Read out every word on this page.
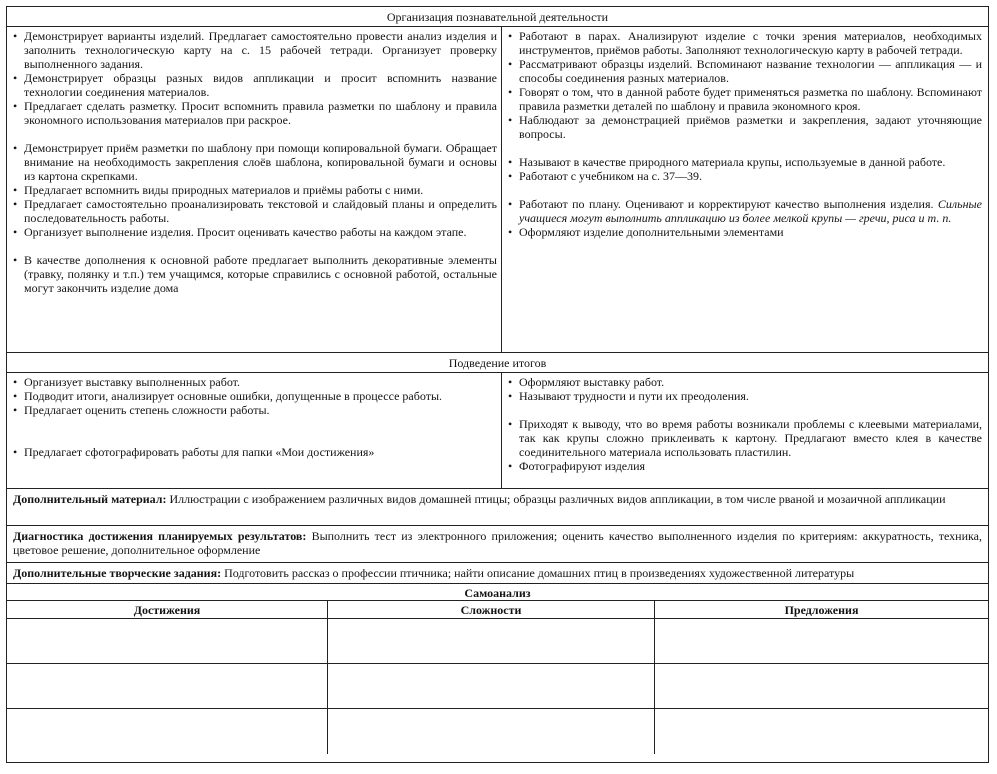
Организация познавательной деятельности
• Демонстрирует варианты изделий. Предлагает самостоятельно провести анализ изделия и заполнить технологическую карту на с. 15 рабочей тетради. Организует проверку выполненного задания.
• Демонстрирует образцы разных видов аппликации и просит вспомнить название технологии соединения материалов.
• Предлагает сделать разметку. Просит вспомнить правила разметки по шаблону и правила экономного использования материалов при раскрое.
• Демонстрирует приём разметки по шаблону при помощи копировальной бумаги. Обращает внимание на необходимость закрепления слоёв шаблона, копировальной бумаги и основы из картона скрепками.
• Предлагает вспомнить виды природных материалов и приёмы работы с ними.
• Предлагает самостоятельно проанализировать текстовой и слайдовый планы и определить последовательность работы.
• Организует выполнение изделия. Просит оценивать качество работы на каждом этапе.
• В качестве дополнения к основной работе предлагает выполнить декоративные элементы (травку, полянку и т.п.) тем учащимся, которые справились с основной работой, остальные могут закончить изделие дома
• Работают в парах. Анализируют изделие с точки зрения материалов, необходимых инструментов, приёмов работы. Заполняют технологическую карту в рабочей тетради.
• Рассматривают образцы изделий. Вспоминают название технологии — аппликация — и способы соединения разных материалов.
• Говорят о том, что в данной работе будет применяться разметка по шаблону. Вспоминают правила разметки деталей по шаблону и правила экономного кроя.
• Наблюдают за демонстрацией приёмов разметки и закрепления, задают уточняющие вопросы.
• Называют в качестве природного материала крупы, используемые в данной работе.
• Работают с учебником на с. 37—39.
• Работают по плану. Оценивают и корректируют качество выполнения изделия. Сильные учащиеся могут выполнить аппликацию из более мелкой крупы — гречи, риса и т. п.
• Оформляют изделие дополнительными элементами
Подведение итогов
• Организует выставку выполненных работ.
• Подводит итоги, анализирует основные ошибки, допущенные в процессе работы.
• Предлагает оценить степень сложности работы.
• Предлагает сфотографировать работы для папки «Мои достижения»
• Оформляют выставку работ.
• Называют трудности и пути их преодоления.
• Приходят к выводу, что во время работы возникали проблемы с клеевыми материалами, так как крупы сложно приклеивать к картону. Предлагают вместо клея в качестве соединительного материала использовать пластилин.
• Фотографируют изделия
Дополнительный материал: Иллюстрации с изображением различных видов домашней птицы; образцы различных видов аппликации, в том числе рваной и мозаичной аппликации
Диагностика достижения планируемых результатов: Выполнить тест из электронного приложения; оценить качество выполненного изделия по критериям: аккуратность, техника, цветовое решение, дополнительное оформление
Дополнительные творческие задания: Подготовить рассказ о профессии птичника; найти описание домашних птиц в произведениях художественной литературы
Самоанализ
Достижения	Сложности	Предложения
